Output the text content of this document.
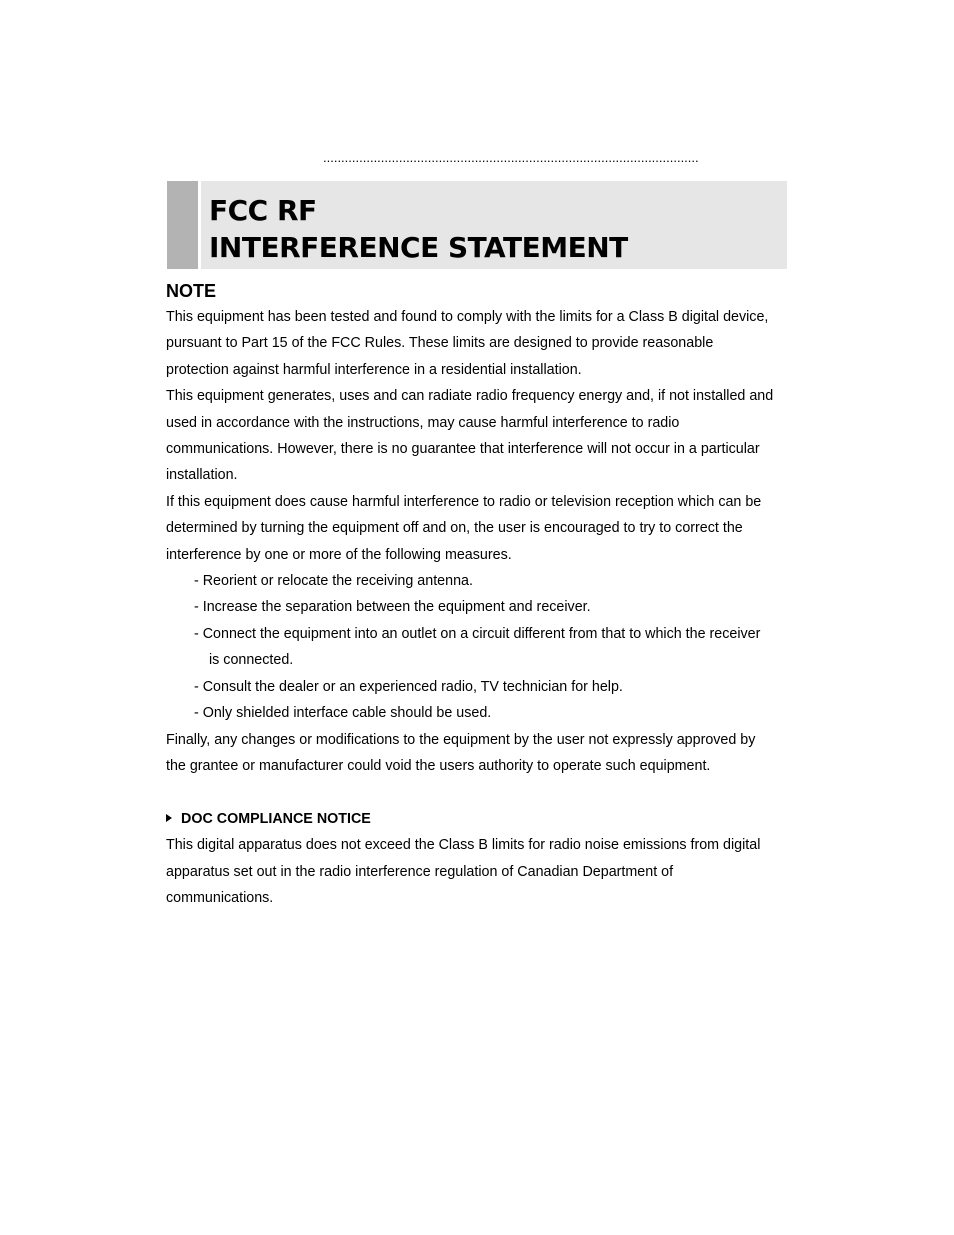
........................................................................................................
FCC RF
INTERFERENCE STATEMENT
NOTE

This equipment has been tested and found to comply with the limits for a Class B digital device,

pursuant to Part 15 of the FCC Rules. These limits are designed to provide reasonable

protection against harmful interference in a residential installation.

This equipment generates, uses and can radiate radio frequency energy and, if not installed and

used in accordance with the instructions, may cause harmful interference to radio

communications. However, there is no guarantee that interference will not occur in a particular

installation.

If this equipment does cause harmful interference to radio or television reception which can be

determined by turning the equipment off and on, the user is encouraged to try to correct the

interference by one or more of the following measures.

- Reorient or relocate the receiving antenna.

- Increase the separation between the equipment and receiver.

- Connect the equipment into an outlet on a circuit different from that to which the receiver

is connected.

- Consult the dealer or an experienced radio, TV technician for help.

- Only shielded interface cable should be used.

Finally, any changes or modifications to the equipment by the user not expressly approved by

the grantee or manufacturer could void the users authority to operate such equipment.

DOC COMPLIANCE NOTICE

This digital apparatus does not exceed the Class B limits for radio noise emissions from digital

apparatus set out in the radio interference regulation of Canadian Department of

communications.
